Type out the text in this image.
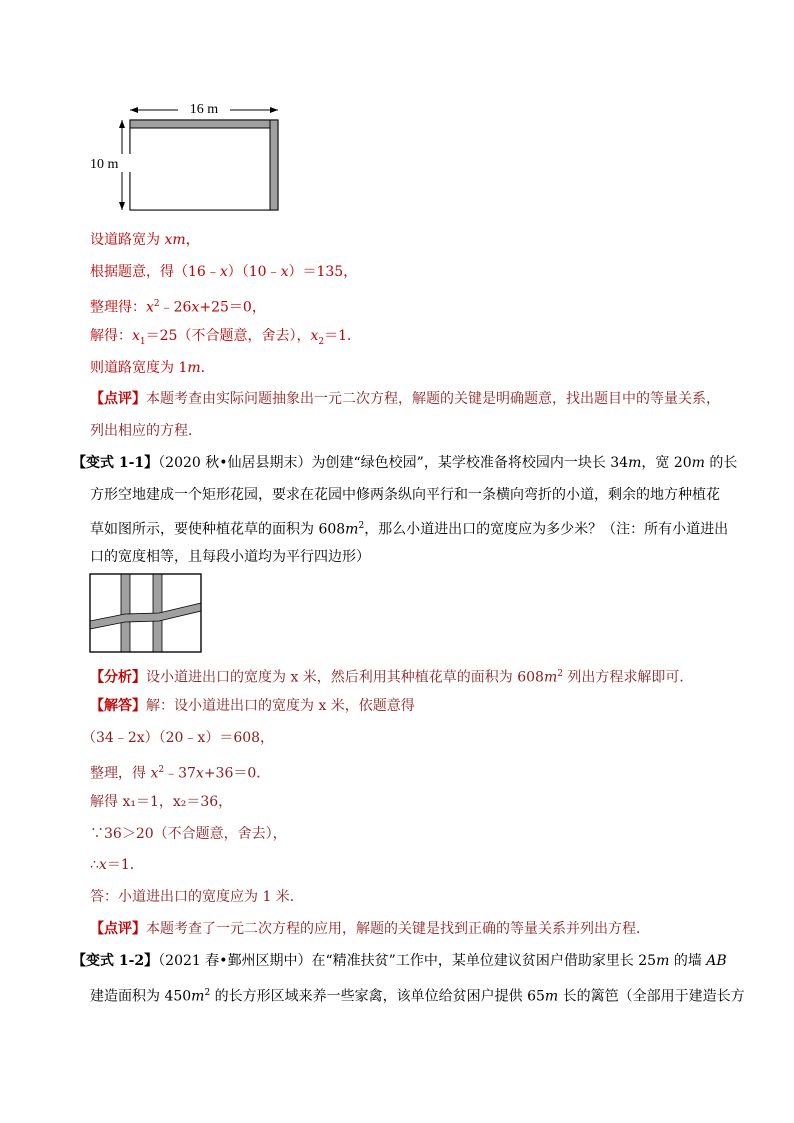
16 m
10 m
设道路宽为 xm，
根据题意，得（16﹣x）（10﹣x）＝135，
整理得：$x^2﹣26x+25=0$，
解得：$x_1=25$（不合题意，舍去），$x_2=1$．
则道路宽度为 1m．
【点评】本题考查由实际问题抽象出一元二次方程，解题的关键是明确题意，找出题目中的等量关系，
列出相应的方程．
【变式 1-1】（2020 秋•仙居县期末）为创建“绿色校园”，某学校准备将校园内一块长 34m，宽 20m 的长
方形空地建成一个矩形花园，要求在花园中修两条纵向平行和一条横向弯折的小道，剩余的地方种植花
草如图所示，要使种植花草的面积为 $608m^2$，那么小道进出口的宽度应为多少米？（注：所有小道进出
口的宽度相等，且每段小道均为平行四边形）
【分析】设小道进出口的宽度为 x 米，然后利用其种植花草的面积为 $608m^2$ 列出方程求解即可．
【解答】解：设小道进出口的宽度为 x 米，依题意得
（34﹣2x）（20﹣x）＝608，
整理，得 $x^2﹣37x+36=0$．
解得 x₁＝1，x₂＝36，
∵36＞20（不合题意，舍去），
∴x＝1．
答：小道进出口的宽度应为 1 米．
【点评】本题考查了一元二次方程的应用，解题的关键是找到正确的等量关系并列出方程．
【变式 1-2】（2021 春•鄞州区期中）在“精准扶贫”工作中，某单位建议贫困户借助家里长 25m 的墙 AB
建造面积为 $450m^2$ 的长方形区域来养一些家禽，该单位给贫困户提供 65m 长的篱笆（全部用于建造长方
